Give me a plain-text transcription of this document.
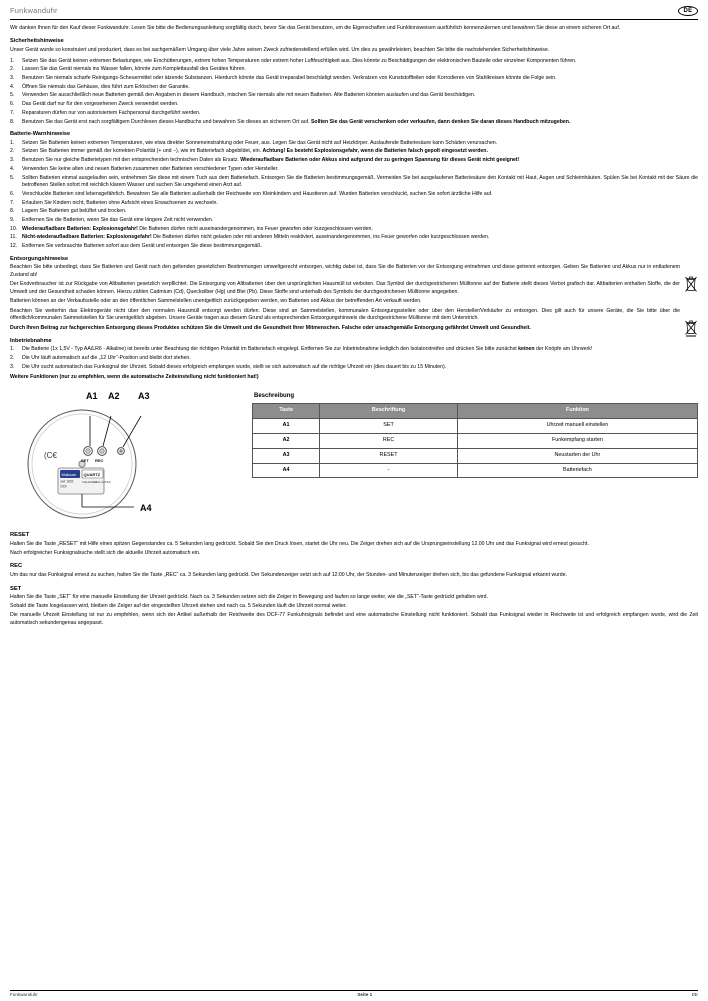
Funkwanduhr	DE

Wir danken Ihnen für den Kauf dieser Funkwanduhr. Lesen Sie bitte die Bedienungsanleitung sorgfältig durch, bevor Sie das Gerät benutzen, um die Eigenschaften und Funktionsweisen ausführlich kennenzulernen und bewahren Sie diese an einem sicheren Ort auf.

Sicherheitshinweise
Unser Gerät wurde so konstruiert und produziert, dass es bei sachgemäßem Umgang über viele Jahre seinen Zweck zufriedenstellend erfüllen wird. Um dies zu gewährleisten, beachten Sie bitte die nachstehenden Sicherheitshinweise.
1.	Setzen Sie das Gerät keinen extremen Belastungen, wie Erschütterungen, extrem hohen Temperaturen oder extrem hoher Luftfeuchtigkeit aus. Dies könnte zu Beschädigungen der elektronischen Bauteile oder einzelner Komponenten führen.
2.	Lassen Sie das Gerät niemals ins Wasser fallen, könnte zum Komplettausfall des Gerätes führen.
3.	Benutzen Sie niemals scharfe Reinigungs-Scheuermittel oder ätzende Substanzen. Hierdurch könnte das Gerät irreparabel beschädigt werden. Verkratzen von Kunststoffteilen oder Korrodieren von Stahlkreisen könnte die Folge sein.
4.	Öffnen Sie niemals das Gehäuse, dies führt zum Erlöschen der Garantie.
5.	Verwenden Sie ausschließlich neue Batterien gemäß den Angaben in diesem Handbuch, mischen Sie niemals alte mit neuen Batterien. Alte Batterien könnten auslaufen und das Gerät beschädigen.
6.	Das Gerät darf nur für den vorgesehenen Zweck verwendet werden.
7.	Reparaturen dürfen nur von autorisiertem Fachpersonal durchgeführt werden.
8.	Benutzen Sie das Gerät erst nach sorgfältigem Durchlesen dieses Handbuchs und bewahren Sie dieses an sicherem Ort auf. Sollten Sie das Gerät verschenken oder verkaufen, dann denken Sie daran dieses Handbuch mitzugeben.
Batterie-Warnhinweise
1.	Setzen Sie Batterien keinen extremen Temperaturen, wie etwa direkter Sonneneinstrahlung oder Feuer, aus. Legen Sie das Gerät nicht auf Heizkörper. Auslaufende Batteriesäure kann Schäden verursachen.
2.	Setzen Sie Batterien immer gemäß der korrekten Polarität (+ und −), wie im Batteriefach abgebildet, ein. Achtung! Es besteht Explosionsgefahr, wenn die Batterien falsch gepolt eingesetzt werden.
3.	Benutzen Sie nur gleiche Batterietypen mit den entsprechenden technischen Daten als Ersatz. Wiederaufladbare Batterien oder Akkus sind aufgrund der zu geringen Spannung für dieses Gerät nicht geeignet!
4.	Verwenden Sie keine alten und neuen Batterien zusammen oder Batterien verschiedener Typen oder Hersteller.
5.	Sollten Batterien einmal ausgelaufen sein, entnehmen Sie diese mit einem Tuch aus dem Batteriefach. Entsorgen Sie die Batterien bestimmungsgemäß. Vermeiden Sie bei ausgelaufener Batteriesäure den Kontakt mit Haut, Augen und Schleimhäuten. Spülen Sie bei Kontakt mit der Säure die betroffenen Stellen sofort mit reichlich klarem Wasser und suchen Sie umgehend einen Arzt auf.
6.	Verschluckte Batterien sind lebensgefährlich. Bewahren Sie alle Batterien außerhalb der Reichweite von Kleinkindern und Haustieren auf. Wurden Batterien verschluckt, suchen Sie sofort ärztliche Hilfe auf.
7.	Erlauben Sie Kindern nicht, Batterien ohne Aufsicht eines Erwachsenen zu wechseln.
8.	Lagern Sie Batterien gut belüftet und trocken.
9.	Entfernen Sie die Batterien, wenn Sie das Gerät eine längere Zeit nicht verwenden.
10. Wiederaufladbare Batterien: Explosionsgefahr! Die Batterien dürfen nicht auseinandergenommen, ins Feuer geworfen oder kurzgeschlossen werden.
11. Nicht-wiederaufladbare Batterien: Explosionsgefahr! Die Batterien dürfen nicht geladen oder mit anderen Mitteln reaktiviert, auseinandergenommen, ins Feuer geworfen oder kurzgeschlossen werden.
12. Entfernen Sie verbrauchte Batterien sofort aus dem Gerät und entsorgen Sie diese bestimmungsgemäß.
Entsorgungshinweise

Beachten Sie bitte unbedingt, dass Sie Batterien und Gerät nach den geltenden gesetzlichen Bestimmungen umweltgerecht entsorgen, wichtig dabei ist, dass Sie die Batterien vor der Entsorgung entnehmen und diese getrennt entsorgen. Geben Sie Batterien und Akkus nur in entladenem Zustand ab!

Der Endverbraucher ist zur Rückgabe von Altbatterien gesetzlich verpflichtet. Die Entsorgung von Altbatterien über den ursprünglichen Hausmüll ist verboten. Das Symbol der durchgestrichenen Mülltonne auf der Batterie stellt dieses Verbot grafisch dar. Altbatterien enthalten Stoffe, die der Umwelt und der Gesundheit schaden können. Hierzu zählen Cadmium (Cd), Quecksilber (Hg) und Blei (Pb). Diese Stoffe sind unterhalb des Symbols der durchgestrichenen Mülltonne angegeben.

Batterien können an der Verkaufsstelle oder an den öffentlichen Sammelstellen unentgeltlich zurückgegeben werden, wo Batterien und Akkus der betreffenden Art verkauft werden.

Beachten Sie weiterhin das Elektrogeräte nicht über den normalen Hausmüll entsorgt werden dürfen. Diese sind an Sammelstellen, kommunalen Entsorgungsstellen oder über den Hersteller/Verkäufer zu entsorgen. Dies gilt auch für unsere Geräte, die Sie bitte über die öffentlich/kommunalen Sammelstellen für Sie unentgeltlich abgeben. Unsere Geräte tragen aus diesem Grund als entsprechenden Entsorgungshinweis die durchgestrichene Mülltonne mit dem Unterstrich.

Durch Ihren Beitrag zur fachgerechten Entsorgung dieses Produktes schützen Sie die Umwelt und die Gesundheit Ihrer Mitmenschen. Falsche oder unsachgemäße Entsorgung gefährdet Umwelt und Gesundheit.

Inbetriebnahme
1.	Die Batterie (1x 1,5V - Typ AA/LR6 - Alkaline) ist bereits unter Beachtung der richtigen Polarität im Batteriefach eingelegt. Entfernen Sie zur Inbetriebnahme lediglich den Isolatorstreifen und drücken Sie bitte zunächst keinen der Knöpfe am Uhrwerk!
2.	Die Uhr läuft automatisch auf die „12 Uhr“-Position und bleibt dort stehen.
3.	Die Uhr sucht automatisch das Funksignal der Uhrzeit. Sobald dieses erfolgreich empfangen wurde, stellt se sich automatisch auf die richtige Uhrzeit ein (dies dauert bis zu 15 Minuten).

Weitere Funktionen (nur zu empfehlen, wenn die automatische Zeiteinstellung nicht funktioniert hat!)

A1 A2 A3
(C€
Wallouse
swr 1602
DCF
QUARTZ
KELEMELI
WALUATES
SET REC
A4
Beschreibung
Taste	Beschriftung	Funktion
A1	SET	Uhrzeit manuell einstellen
A2	REC	Funkempfang starten
A3	RESET	Neustarten der Uhr
A4	-	Batteriefach
RESET

Halten Sie die Taste „RESET“ mit Hilfe eines spitzen Gegenstandes ca. 5 Sekunden lang gedrückt. Sobald Sie den Druck lösen, startet die Uhr neu. Die Zeiger drehen sich auf die Ursprungseinstellung 12.00 Uhr und das Funksignal wird erneut gesucht.

Nach erfolgreicher Funksignalsuche stellt sich die aktuelle Uhrzeit automatisch ein.

REC

Um das nur das Funksignal erneut zu suchen, halten Sie die Taste „REC“ ca. 3 Sekunden lang gedrückt. Der Sekundenzeiger setzt sich auf 12:00 Uhr, der Stunden- und Minutenzeiger drehen sich, bis das gefundene Funksignal erkannt wurde.

SET

Halten Sie die Taste „SET“ für eine manuelle Einstellung der Uhrzeit gedrückt. Nach ca. 3 Sekunden setzen sich die Zeiger in Bewegung und laufen so lange weiter, wie die „SET“-Taste gedrückt gehalten wird.

Sobald die Taste losgelassen wird, bleiben die Zeiger auf der eingestellten Uhrzeit stehen und nach ca. 5 Sekunden läuft die Uhrzeit normal weiter.

Die manuelle Uhrzeit Einstellung ist nur zu empfehlen, wenn sich der Artikel außerhalb der Reichweite des DCF-77 Funkuhrsignals befindet und eine automatische Einstellung nicht funktioniert. Sobald das Funksignal wieder in Reichweite ist und erfolgreich empfangen wurde, wird die Zeit automatisch sekundengenau angepasst.

Funkwanduhr	Seite 1	DE
